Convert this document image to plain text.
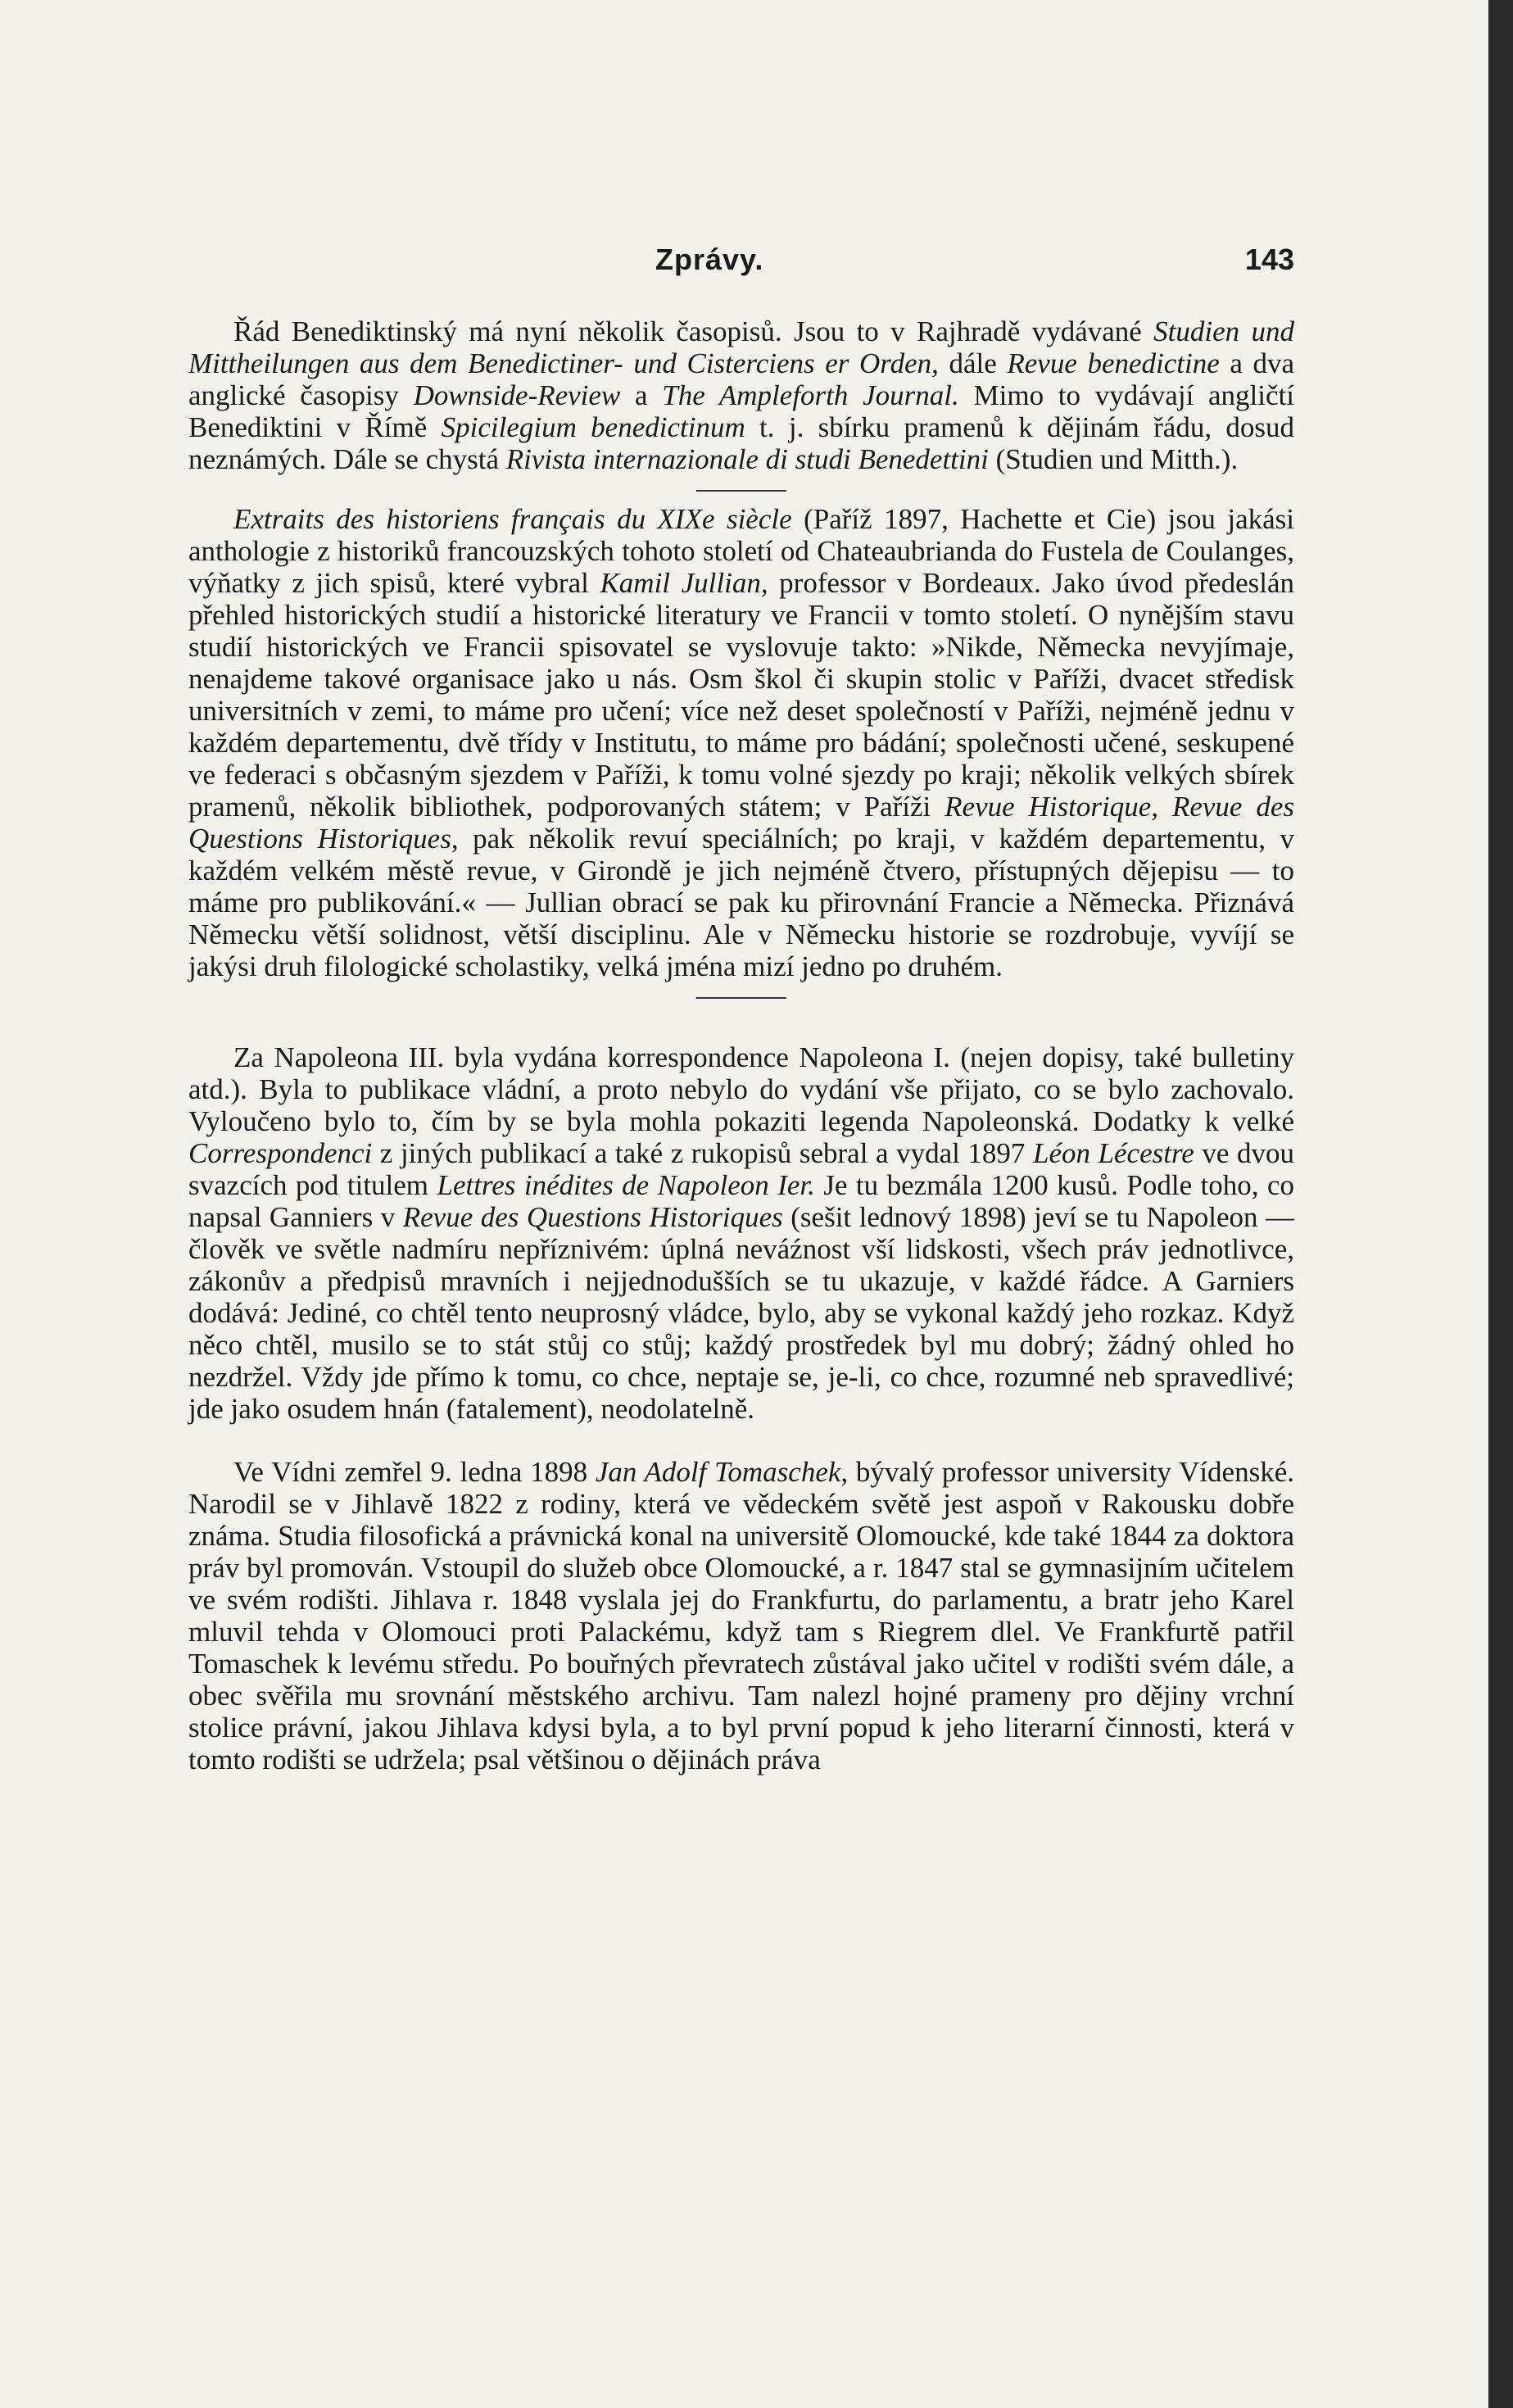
Zprávy.	143

Řád Benediktinský má nyní několik časopisů. Jsou to v Rajhradě vydávané Studien und Mittheilungen aus dem Benedictiner- und Cisterciens er Orden, dále Revue benedictine a dva anglické časopisy Downside-Review a The Ampleforth Journal. Mimo to vydávají angličtí Benediktini v Římě Spicilegium benedictinum t. j. sbírku pramenů k dějinám řádu, dosud neznámých. Dále se chystá Rivista internazionale di studi Benedettini (Studien und Mitth.).

Extraits des historiens français du XIXe siècle (Paříž 1897, Hachette et Cie) jsou jakási anthologie z historiků francouzských tohoto století od Chateaubrianda do Fustela de Coulanges, výňatky z jich spisů, které vybral Kamil Jullian, professor v Bordeaux. Jako úvod předeslán přehled historických studií a historické literatury ve Francii v tomto století. O nynějším stavu studií historických ve Francii spisovatel se vyslovuje takto: »Nikde, Německa nevyjímaje, nenajdeme takové organisace jako u nás. Osm škol či skupin stolic v Paříži, dvacet středisk universitních v zemi, to máme pro učení; více než deset společností v Paříži, nejméně jednu v každém departementu, dvě třídy v Institutu, to máme pro bádání; společnosti učené, seskupené ve federaci s občasným sjezdem v Paříži, k tomu volné sjezdy po kraji; několik velkých sbírek pramenů, několik bibliothek, podporovaných státem; v Paříži Revue Historique, Revue des Questions Historiques, pak několik revuí speciálních; po kraji, v každém departementu, v každém velkém městě revue, v Girondě je jich nejméně čtvero, přístupných dějepisu — to máme pro publikování.« — Jullian obrací se pak ku přirovnání Francie a Německa. Přiznává Německu větší solidnost, větší disciplinu. Ale v Německu historie se rozdrobuje, vyvíjí se jakýsi druh filologické scholastiky, velká jména mizí jedno po druhém.

Za Napoleona III. byla vydána korrespondence Napoleona I. (nejen dopisy, také bulletiny atd.). Byla to publikace vládní, a proto nebylo do vydání vše přijato, co se bylo zachovalo. Vyloučeno bylo to, čím by se byla mohla pokaziti legenda Napoleonská. Dodatky k velké Correspondenci z jiných publikací a také z rukopisů sebral a vydal 1897 Léon Lécestre ve dvou svazcích pod titulem Lettres inédites de Napoleon Ier. Je tu bezmála 1200 kusů. Podle toho, co napsal Ganniers v Revue des Questions Historiques (sešit lednový 1898) jeví se tu Napoleon — člověk ve světle nadmíru nepříznivém: úplná neváźnost vší lidskosti, všech práv jednotlivce, zákonův a předpisů mravních i nejjednodušších se tu ukazuje, v každé řádce. A Garniers dodává: Jediné, co chtěl tento neuprosný vládce, bylo, aby se vykonal každý jeho rozkaz. Když něco chtěl, musilo se to stát stůj co stůj; každý prostředek byl mu dobrý; žádný ohled ho nezdržel. Vždy jde přímo k tomu, co chce, neptaje se, je-li, co chce, rozumné neb spravedlivé; jde jako osudem hnán (fatalement), neodolatelně.

Ve Vídni zemřel 9. ledna 1898 Jan Adolf Tomaschek, bývalý professor university Vídenské. Narodil se v Jihlavě 1822 z rodiny, která ve vědeckém světě jest aspoň v Rakousku dobře známa. Studia filosofická a právnická konal na universitě Olomoucké, kde také 1844 za doktora práv byl promován. Vstoupil do služeb obce Olomoucké, a r. 1847 stal se gymnasijním učitelem ve svém rodišti. Jihlava r. 1848 vyslala jej do Frankfurtu, do parlamentu, a bratr jeho Karel mluvil tehda v Olomouci proti Palackému, když tam s Riegrem dlel. Ve Frankfurtě patřil Tomaschek k levému středu. Po bouřných převratech zůstával jako učitel v rodišti svém dále, a obec svěřila mu srovnání městského archivu. Tam nalezl hojné prameny pro dějiny vrchní stolice právní, jakou Jihlava kdysi byla, a to byl první popud k jeho literarní činnosti, která v tomto rodišti se udržela; psal většinou o dějinách práva
